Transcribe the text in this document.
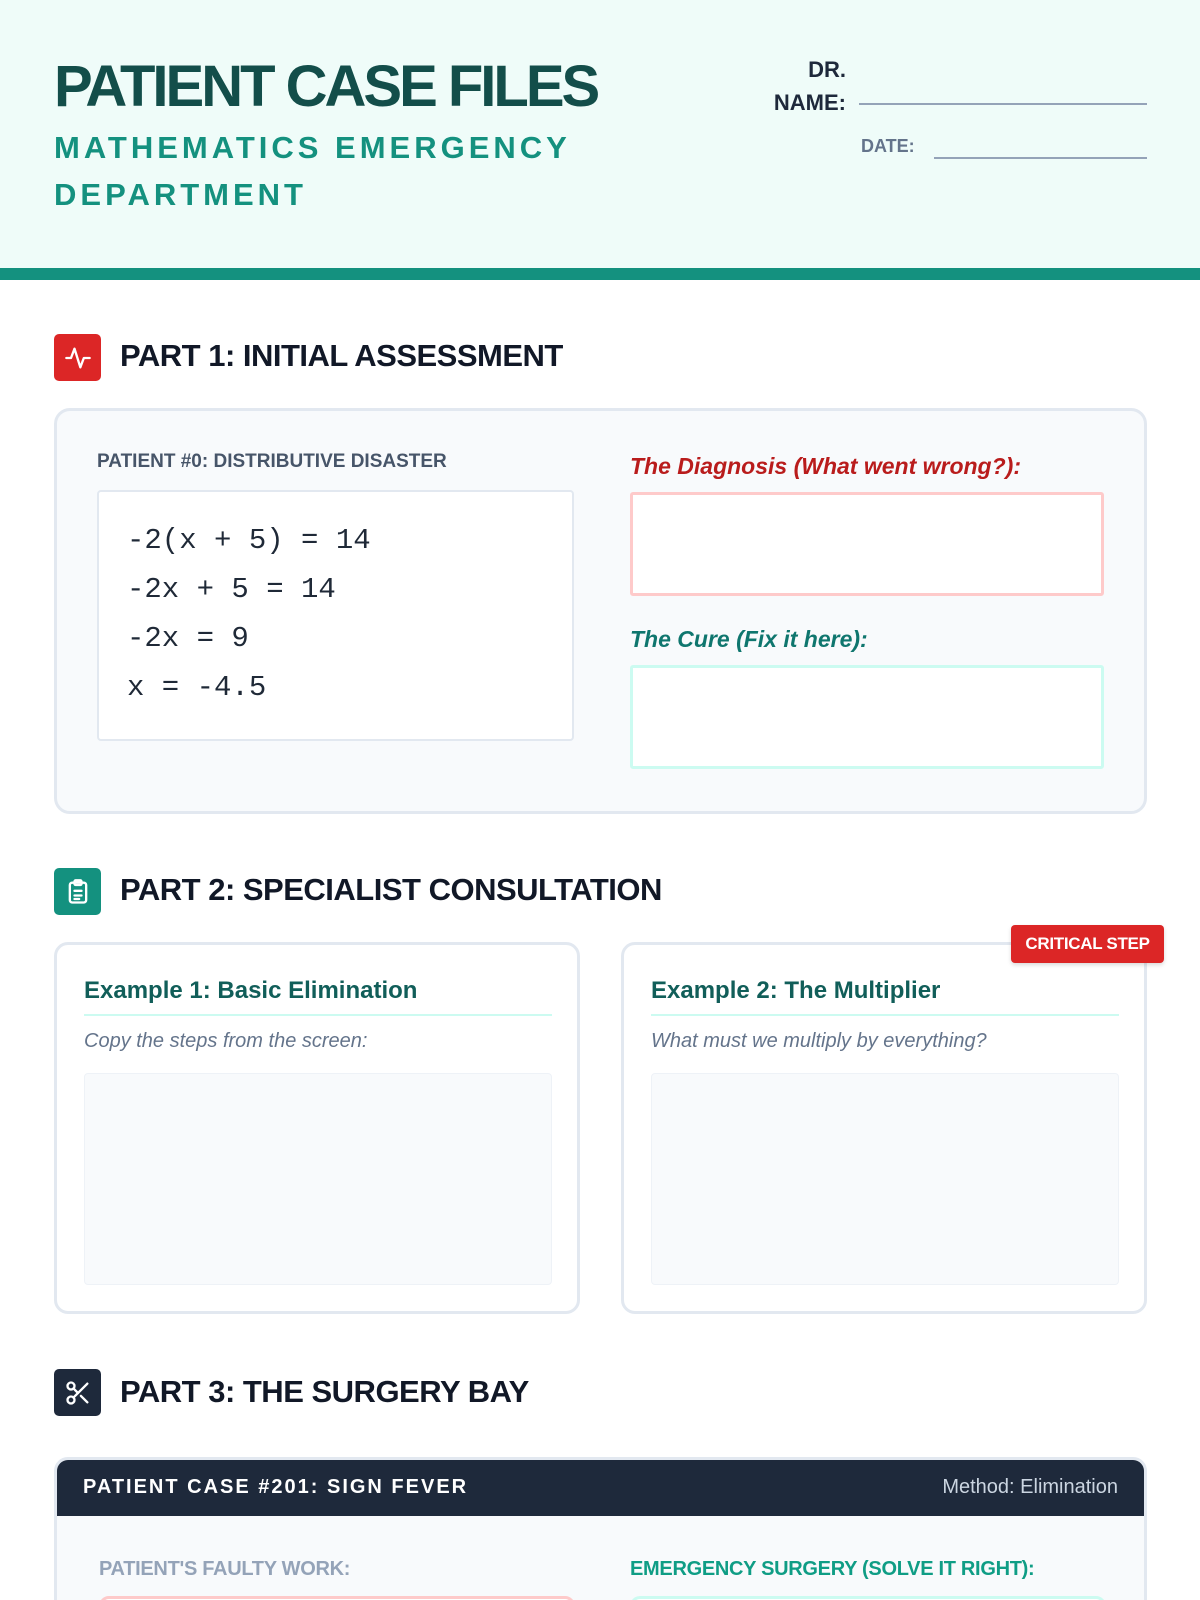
PATIENT CASE FILES
MATHEMATICS EMERGENCY DEPARTMENT
DR.
NAME:
DATE:
PART 1: INITIAL ASSESSMENT
PATIENT #0: DISTRIBUTIVE DISASTER
-2(x + 5) = 14
-2x + 5 = 14
-2x = 9
x = -4.5
The Diagnosis (What went wrong?):
The Cure (Fix it here):
PART 2: SPECIALIST CONSULTATION
Example 1: Basic Elimination
Copy the steps from the screen:
Example 2: The Multiplier
What must we multiply by everything?
CRITICAL STEP
PART 3: THE SURGERY BAY
PATIENT CASE #201: SIGN FEVER	Method: Elimination
PATIENT'S FAULTY WORK:	EMERGENCY SURGERY (SOLVE IT RIGHT):
